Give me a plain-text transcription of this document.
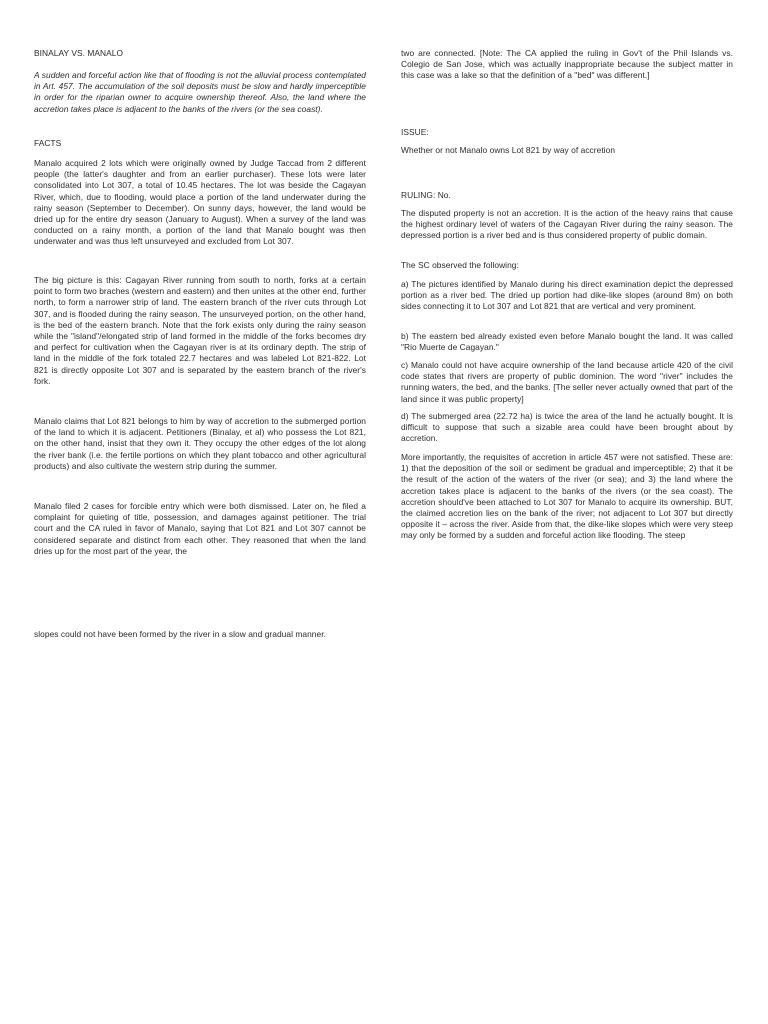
BINALAY VS. MANALO

A sudden and forceful action like that of flooding is not the alluvial process contemplated in Art. 457. The accumulation of the soil deposits must be slow and hardly imperceptible in order for the riparian owner to acquire ownership thereof. Also, the land where the accretion takes place is adjacent to the banks of the rivers (or the sea coast).

FACTS

Manalo acquired 2 lots which were originally owned by Judge Taccad from 2 different people (the latter's daughter and from an earlier purchaser). These lots were later consolidated into Lot 307, a total of 10.45 hectares. The lot was beside the Cagayan River, which, due to flooding, would place a portion of the land underwater during the rainy season (September to December). On sunny days, however, the land would be dried up for the entire dry season (January to August). When a survey of the land was conducted on a rainy month, a portion of the land that Manalo bought was then underwater and was thus left unsurveyed and excluded from Lot 307.

The big picture is this: Cagayan River running from south to north, forks at a certain point to form two braches (western and eastern) and then unites at the other end, further north, to form a narrower strip of land. The eastern branch of the river cuts through Lot 307, and is flooded during the rainy season. The unsurveyed portion, on the other hand, is the bed of the eastern branch. Note that the fork exists only during the rainy season while the "island"/elongated strip of land formed in the middle of the forks becomes dry and perfect for cultivation when the Cagayan river is at its ordinary depth. The strip of land in the middle of the fork totaled 22.7 hectares and was labeled Lot 821-822. Lot 821 is directly opposite Lot 307 and is separated by the eastern branch of the river's fork.

Manalo claims that Lot 821 belongs to him by way of accretion to the submerged portion of the land to which it is adjacent. Petitioners (Binalay, et al) who possess the Lot 821, on the other hand, insist that they own it. They occupy the other edges of the lot along the river bank (i.e. the fertile portions on which they plant tobacco and other agricultural products) and also cultivate the western strip during the summer.

Manalo filed 2 cases for forcible entry which were both dismissed. Later on, he filed a complaint for quieting of title, possession, and damages against petitioner. The trial court and the CA ruled in favor of Manalo, saying that Lot 821 and Lot 307 cannot be considered separate and distinct from each other. They reasoned that when the land dries up for the most part of the year, the

slopes could not have been formed by the river in a slow and gradual manner.

two are connected. [Note: The CA applied the ruling in Gov't of the Phil Islands vs. Colegio de San Jose, which was actually inappropriate because the subject matter in this case was a lake so that the definition of a "bed" was different.]

ISSUE:

Whether or not Manalo owns Lot 821 by way of accretion

RULING: No.

The disputed property is not an accretion. It is the action of the heavy rains that cause the highest ordinary level of waters of the Cagayan River during the rainy season. The depressed portion is a river bed and is thus considered property of public domain.

The SC observed the following:

a) The pictures identified by Manalo during his direct examination depict the depressed portion as a river bed. The dried up portion had dike-like slopes (around 8m) on both sides connecting it to Lot 307 and Lot 821 that are vertical and very prominent.

b) The eastern bed already existed even before Manalo bought the land. It was called "Rio Muerte de Cagayan."

c) Manalo could not have acquire ownership of the land because article 420 of the civil code states that rivers are property of public dominion. The word "river" includes the running waters, the bed, and the banks. [The seller never actually owned that part of the land since it was public property]

d) The submerged area (22.72 ha) is twice the area of the land he actually bought. It is difficult to suppose that such a sizable area could have been brought about by accretion.

More importantly, the requisites of accretion in article 457 were not satisfied. These are: 1) that the deposition of the soil or sediment be gradual and imperceptible; 2) that it be the result of the action of the waters of the river (or sea); and 3) the land where the accretion takes place is adjacent to the banks of the rivers (or the sea coast). The accretion should've been attached to Lot 307 for Manalo to acquire its ownership. BUT, the claimed accretion lies on the bank of the river; not adjacent to Lot 307 but directly opposite it – across the river. Aside from that, the dike-like slopes which were very steep may only be formed by a sudden and forceful action like flooding. The steep
